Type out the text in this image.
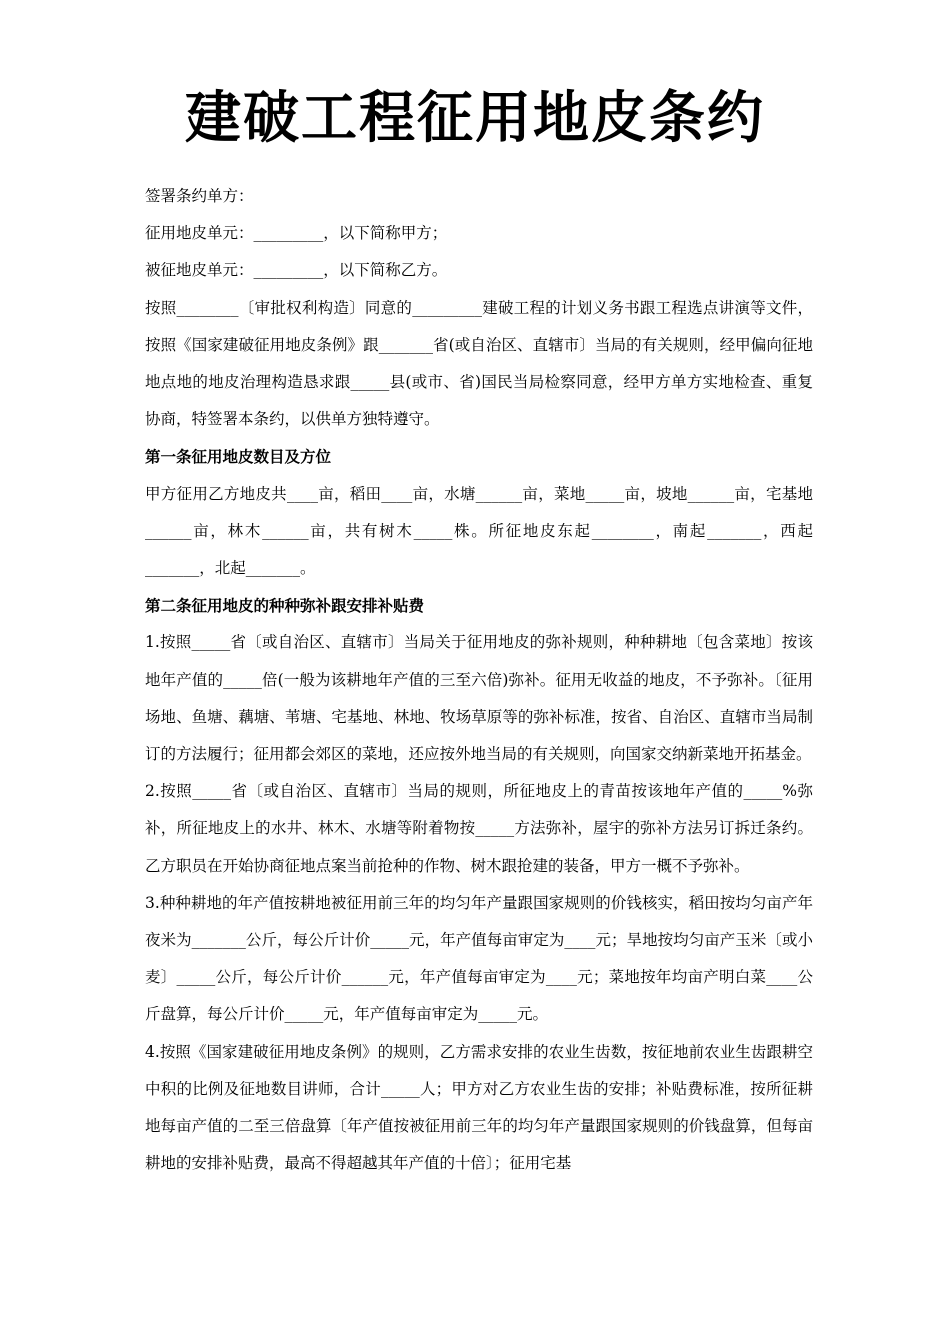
建破工程征用地皮条约

签署条约单方：

征用地皮单元：_________，以下简称甲方；

被征地皮单元：_________，以下简称乙方。

按照________〔审批权利构造〕同意的_________建破工程的计划义务书跟工程选点讲演等文件，按照《国家建破征用地皮条例》跟_______省(或自治区、直辖市〕当局的有关规则，经甲偏向征地地点地的地皮治理构造恳求跟_____县(或市、省)国民当局检察同意，经甲方单方实地检查、重复协商，特签署本条约，以供单方独特遵守。

第一条征用地皮数目及方位

甲方征用乙方地皮共____亩，稻田____亩，水塘______亩，菜地_____亩，坡地______亩，宅基地______亩，林木______亩，共有树木_____株。所征地皮东起________，南起_______，西起_______，北起_______。

第二条征用地皮的种种弥补跟安排补贴费

1.按照_____省〔或自治区、直辖市〕当局关于征用地皮的弥补规则，种种耕地〔包含菜地〕按该地年产值的_____倍(一般为该耕地年产值的三至六倍)弥补。征用无收益的地皮，不予弥补。〔征用场地、鱼塘、藕塘、苇塘、宅基地、林地、牧场草原等的弥补标准，按省、自治区、直辖市当局制订的方法履行；征用都会郊区的菜地，还应按外地当局的有关规则，向国家交纳新菜地开拓基金。

2.按照_____省〔或自治区、直辖市〕当局的规则，所征地皮上的青苗按该地年产值的_____%弥补，所征地皮上的水井、林木、水塘等附着物按_____方法弥补，屋宇的弥补方法另订拆迁条约。乙方职员在开始协商征地点案当前抢种的作物、树木跟抢建的装备，甲方一概不予弥补。

3.种种耕地的年产值按耕地被征用前三年的均匀年产量跟国家规则的价钱核实，稻田按均匀亩产年夜米为_______公斤，每公斤计价_____元，年产值每亩审定为____元；旱地按均匀亩产玉米〔或小麦〕_____公斤，每公斤计价______元，年产值每亩审定为____元；菜地按年均亩产明白菜____公斤盘算，每公斤计价_____元，年产值每亩审定为_____元。

4.按照《国家建破征用地皮条例》的规则，乙方需求安排的农业生齿数，按征地前农业生齿跟耕空中积的比例及征地数目讲师，合计_____人；甲方对乙方农业生齿的安排；补贴费标准，按所征耕地每亩产值的二至三倍盘算〔年产值按被征用前三年的均匀年产量跟国家规则的价钱盘算，但每亩耕地的安排补贴费，最高不得超越其年产值的十倍〕；征用宅基
